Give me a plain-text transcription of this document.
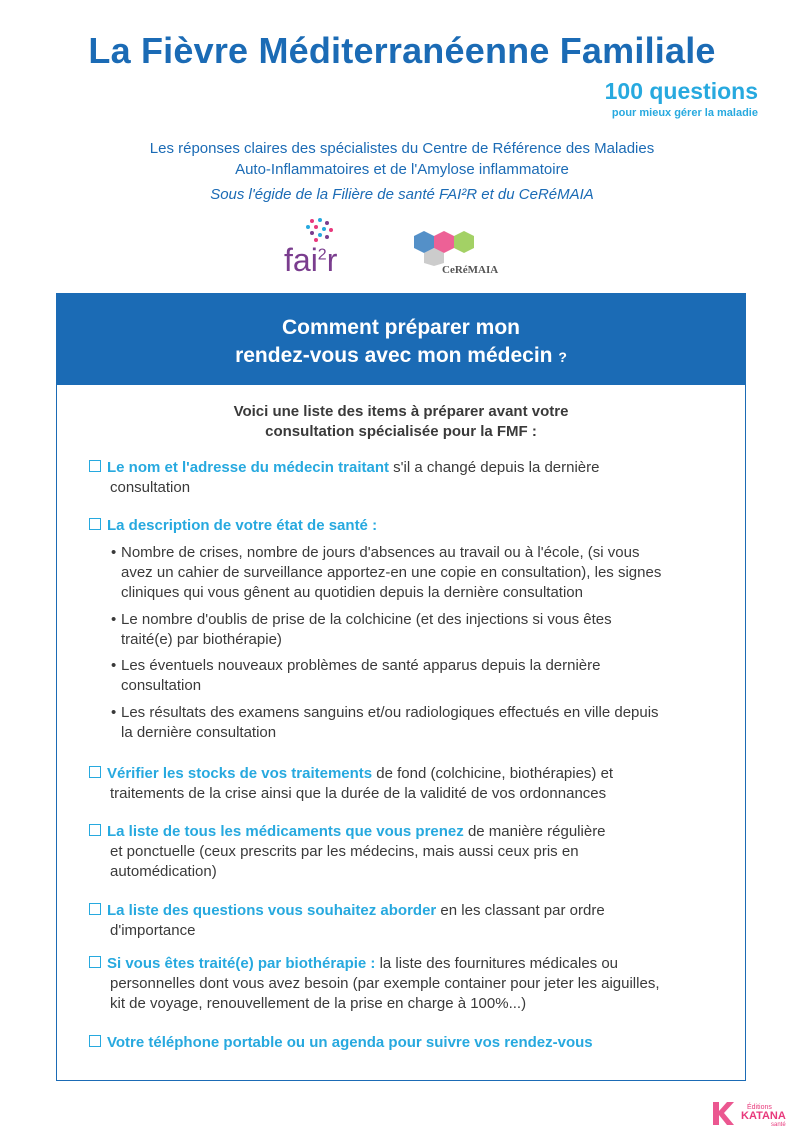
La Fièvre Méditerranéenne Familiale
100 questions
pour mieux gérer la maladie
Les réponses claires des spécialistes du Centre de Référence des Maladies
Auto-Inflammatoires et de l'Amylose inflammatoire
Sous l'égide de la Filière de santé FAI²R et du CeRéMAIA
fai$^2$r	CeRéMAIA
Comment préparer mon
rendez-vous avec mon médecin ?
Voici une liste des items à préparer avant votre
consultation spécialisée pour la FMF :
Le nom et l'adresse du médecin traitant s'il a changé depuis la dernière
consultation
La description de votre état de santé :
• Nombre de crises, nombre de jours d'absences au travail ou à l'école, (si vous
avez un cahier de surveillance apportez-en une copie en consultation), les signes
cliniques qui vous gênent au quotidien depuis la dernière consultation
• Le nombre d'oublis de prise de la colchicine (et des injections si vous êtes
traité(e) par biothérapie)
• Les éventuels nouveaux problèmes de santé apparus depuis la dernière
consultation
• Les résultats des examens sanguins et/ou radiologiques effectués en ville depuis
la dernière consultation
Vérifier les stocks de vos traitements de fond (colchicine, biothérapies) et
traitements de la crise ainsi que la durée de la validité de vos ordonnances
La liste de tous les médicaments que vous prenez de manière régulière
et ponctuelle (ceux prescrits par les médecins, mais aussi ceux pris en
automédication)
La liste des questions vous souhaitez aborder en les classant par ordre
d'importance
Si vous êtes traité(e) par biothérapie : la liste des fournitures médicales ou
personnelles dont vous avez besoin (par exemple container pour jeter les aiguilles,
kit de voyage, renouvellement de la prise en charge à 100%...)
Votre téléphone portable ou un agenda pour suivre vos rendez-vous
Éditions
KATANA
santé
